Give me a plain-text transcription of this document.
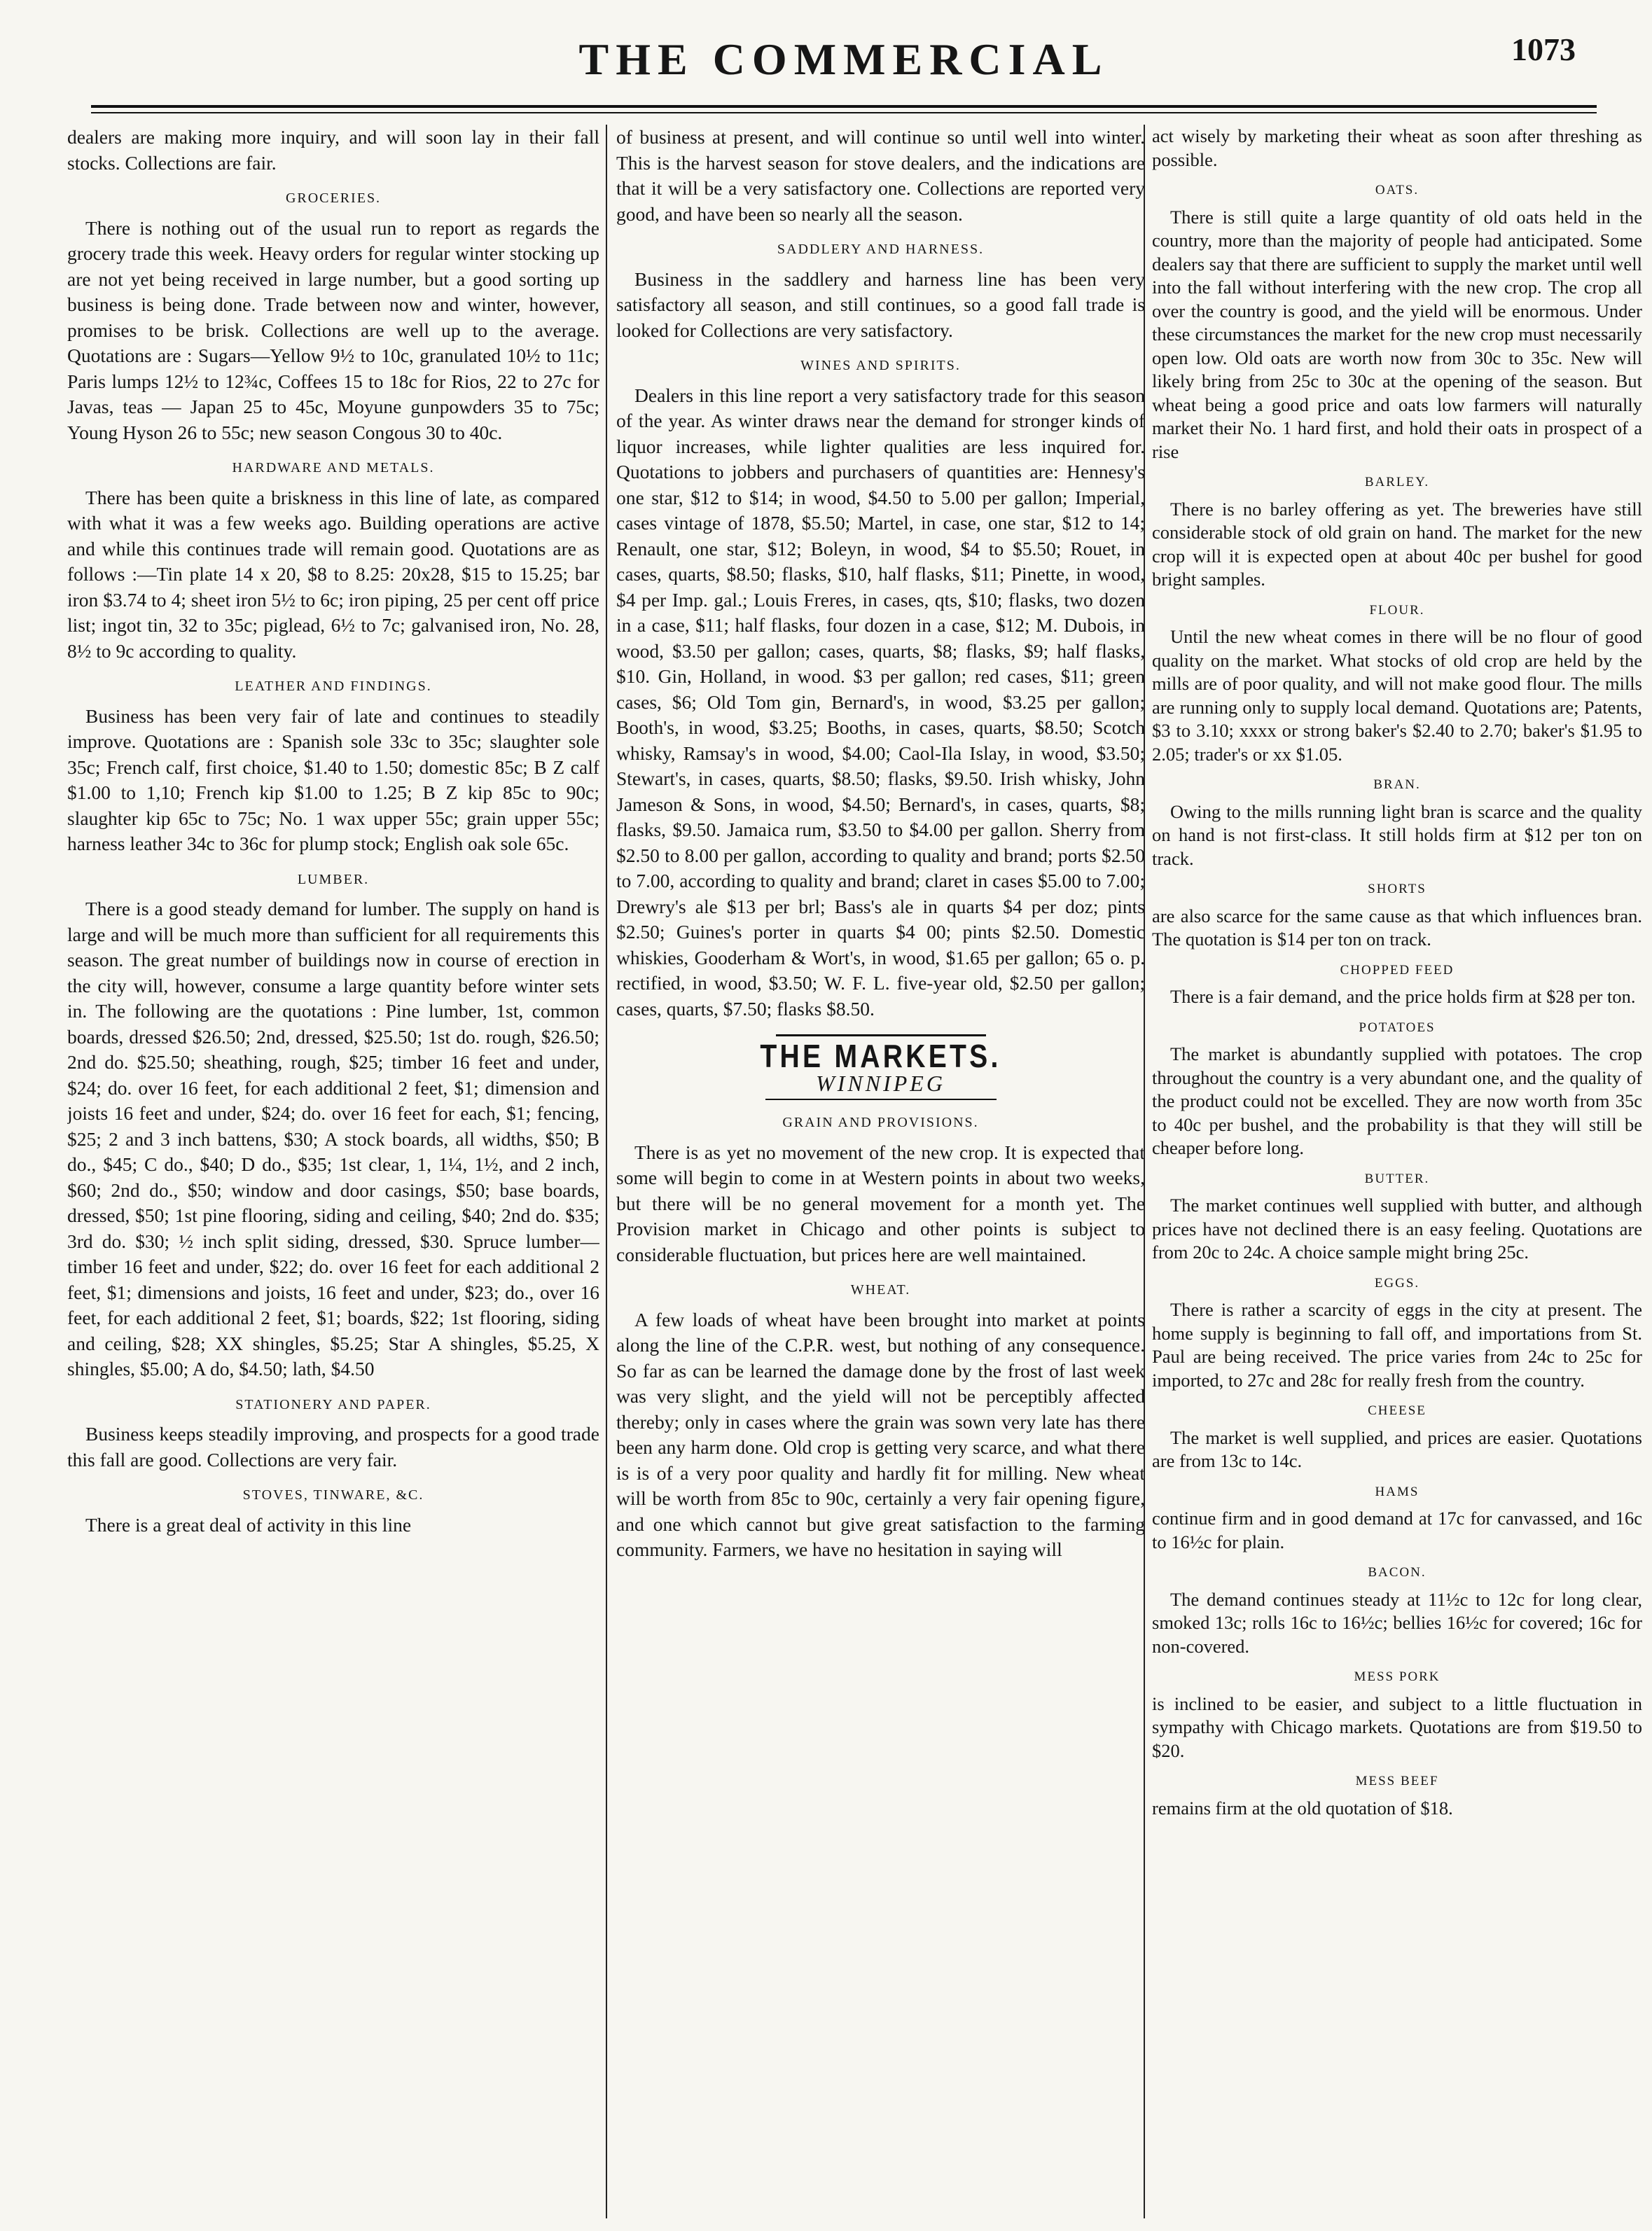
THE COMMERCIAL	1073

dealers are making more inquiry, and will soon lay in their fall stocks. Collections are fair.

GROCERIES.

There is nothing out of the usual run to report as regards the grocery trade this week. Heavy orders for regular winter stocking up are not yet being received in large number, but a good sorting up business is being done. Trade between now and winter, however, promises to be brisk. Collections are well up to the average. Quotations are : Sugars—Yellow 9½ to 10c, granulated 10½ to 11c; Paris lumps 12½ to 12¾c, Coffees 15 to 18c for Rios, 22 to 27c for Javas, teas — Japan 25 to 45c, Moyune gunpowders 35 to 75c; Young Hyson 26 to 55c; new season Congous 30 to 40c.

HARDWARE AND METALS.

There has been quite a briskness in this line of late, as compared with what it was a few weeks ago. Building operations are active and while this continues trade will remain good. Quotations are as follows :—Tin plate 14 x 20, $8 to 8.25: 20x28, $15 to 15.25; bar iron $3.74 to 4; sheet iron 5½ to 6c; iron piping, 25 per cent off price list; ingot tin, 32 to 35c; piglead, 6½ to 7c; galvanised iron, No. 28, 8½ to 9c according to quality.

LEATHER AND FINDINGS.

Business has been very fair of late and continues to steadily improve. Quotations are : Spanish sole 33c to 35c; slaughter sole 35c; French calf, first choice, $1.40 to 1.50; domestic 85c; B Z calf $1.00 to 1,10; French kip $1.00 to 1.25; B Z kip 85c to 90c; slaughter kip 65c to 75c; No. 1 wax upper 55c; grain upper 55c; harness leather 34c to 36c for plump stock; English oak sole 65c.

LUMBER.

There is a good steady demand for lumber. The supply on hand is large and will be much more than sufficient for all requirements this season. The great number of buildings now in course of erection in the city will, however, consume a large quantity before winter sets in. The following are the quotations : Pine lumber, 1st, common boards, dressed $26.50; 2nd, dressed, $25.50; 1st do. rough, $26.50; 2nd do. $25.50; sheathing, rough, $25; timber 16 feet and under, $24; do. over 16 feet, for each additional 2 feet, $1; dimension and joists 16 feet and under, $24; do. over 16 feet for each, $1; fencing, $25; 2 and 3 inch battens, $30; A stock boards, all widths, $50; B do., $45; C do., $40; D do., $35; 1st clear, 1, 1¼, 1½, and 2 inch, $60; 2nd do., $50; window and door casings, $50; base boards, dressed, $50; 1st pine flooring, siding and ceiling, $40; 2nd do. $35; 3rd do. $30; ½ inch split siding, dressed, $30. Spruce lumber—timber 16 feet and under, $22; do. over 16 feet for each additional 2 feet, $1; dimensions and joists, 16 feet and under, $23; do., over 16 feet, for each additional 2 feet, $1; boards, $22; 1st flooring, siding and ceiling, $28; XX shingles, $5.25; Star A shingles, $5.25, X shingles, $5.00; A do, $4.50; lath, $4.50

STATIONERY AND PAPER.

Business keeps steadily improving, and prospects for a good trade this fall are good. Collections are very fair.

STOVES, TINWARE, &C.

There is a great deal of activity in this line

of business at present, and will continue so until well into winter. This is the harvest season for stove dealers, and the indications are that it will be a very satisfactory one. Collections are reported very good, and have been so nearly all the season.

SADDLERY AND HARNESS.

Business in the saddlery and harness line has been very satisfactory all season, and still continues, so a good fall trade is looked for Collections are very satisfactory.

WINES AND SPIRITS.

Dealers in this line report a very satisfactory trade for this season of the year. As winter draws near the demand for stronger kinds of liquor increases, while lighter qualities are less inquired for. Quotations to jobbers and purchasers of quantities are: Hennesy's one star, $12 to $14; in wood, $4.50 to 5.00 per gallon; Imperial, cases vintage of 1878, $5.50; Martel, in case, one star, $12 to 14; Renault, one star, $12; Boleyn, in wood, $4 to $5.50; Rouet, in cases, quarts, $8.50; flasks, $10, half flasks, $11; Pinette, in wood, $4 per Imp. gal.; Louis Freres, in cases, qts, $10; flasks, two dozen in a case, $11; half flasks, four dozen in a case, $12; M. Dubois, in wood, $3.50 per gallon; cases, quarts, $8; flasks, $9; half flasks, $10. Gin, Holland, in wood. $3 per gallon; red cases, $11; green cases, $6; Old Tom gin, Bernard's, in wood, $3.25 per gallon; Booth's, in wood, $3.25; Booths, in cases, quarts, $8.50; Scotch whisky, Ramsay's in wood, $4.00; Caol-Ila Islay, in wood, $3.50; Stewart's, in cases, quarts, $8.50; flasks, $9.50. Irish whisky, John Jameson & Sons, in wood, $4.50; Bernard's, in cases, quarts, $8; flasks, $9.50. Jamaica rum, $3.50 to $4.00 per gallon. Sherry from $2.50 to 8.00 per gallon, according to quality and brand; ports $2.50 to 7.00, according to quality and brand; claret in cases $5.00 to 7.00; Drewry's ale $13 per brl; Bass's ale in quarts $4 per doz; pints $2.50; Guines's porter in quarts $4 00; pints $2.50. Domestic whiskies, Gooderham & Wort's, in wood, $1.65 per gallon; 65 o. p. rectified, in wood, $3.50; W. F. L. five-year old, $2.50 per gallon; cases, quarts, $7.50; flasks $8.50.

THE MARKETS.
WINNIPEG
GRAIN AND PROVISIONS.

There is as yet no movement of the new crop. It is expected that some will begin to come in at Western points in about two weeks, but there will be no general movement for a month yet. The Provision market in Chicago and other points is subject to considerable fluctuation, but prices here are well maintained.

WHEAT.

A few loads of wheat have been brought into market at points along the line of the C.P.R. west, but nothing of any consequence. So far as can be learned the damage done by the frost of last week was very slight, and the yield will not be perceptibly affected thereby; only in cases where the grain was sown very late has there been any harm done. Old crop is getting very scarce, and what there is is of a very poor quality and hardly fit for milling. New wheat will be worth from 85c to 90c, certainly a very fair opening figure, and one which cannot but give great satisfaction to the farming community. Farmers, we have no hesitation in saying will

act wisely by marketing their wheat as soon after threshing as possible.

OATS.

There is still quite a large quantity of old oats held in the country, more than the majority of people had anticipated. Some dealers say that there are sufficient to supply the market until well into the fall without interfering with the new crop. The crop all over the country is good, and the yield will be enormous. Under these circumstances the market for the new crop must necessarily open low. Old oats are worth now from 30c to 35c. New will likely bring from 25c to 30c at the opening of the season. But wheat being a good price and oats low farmers will naturally market their No. 1 hard first, and hold their oats in prospect of a rise

BARLEY.

There is no barley offering as yet. The breweries have still considerable stock of old grain on hand. The market for the new crop will it is expected open at about 40c per bushel for good bright samples.

FLOUR.

Until the new wheat comes in there will be no flour of good quality on the market. What stocks of old crop are held by the mills are of poor quality, and will not make good flour. The mills are running only to supply local demand. Quotations are; Patents, $3 to 3.10; xxxx or strong baker's $2.40 to 2.70; baker's $1.95 to 2.05; trader's or xx $1.05.

BRAN.

Owing to the mills running light bran is scarce and the quality on hand is not first-class. It still holds firm at $12 per ton on track.

SHORTS

are also scarce for the same cause as that which influences bran. The quotation is $14 per ton on track.

CHOPPED FEED

There is a fair demand, and the price holds firm at $28 per ton.

POTATOES

The market is abundantly supplied with potatoes. The crop throughout the country is a very abundant one, and the quality of the product could not be excelled. They are now worth from 35c to 40c per bushel, and the probability is that they will still be cheaper before long.

BUTTER.

The market continues well supplied with butter, and although prices have not declined there is an easy feeling. Quotations are from 20c to 24c. A choice sample might bring 25c.

EGGS.

There is rather a scarcity of eggs in the city at present. The home supply is beginning to fall off, and importations from St. Paul are being received. The price varies from 24c to 25c for imported, to 27c and 28c for really fresh from the country.

CHEESE

The market is well supplied, and prices are easier. Quotations are from 13c to 14c.

HAMS

continue firm and in good demand at 17c for canvassed, and 16c to 16½c for plain.

BACON.

The demand continues steady at 11½c to 12c for long clear, smoked 13c; rolls 16c to 16½c; bellies 16½c for covered; 16c for non-covered.

MESS PORK

is inclined to be easier, and subject to a little fluctuation in sympathy with Chicago markets. Quotations are from $19.50 to $20.

MESS BEEF

remains firm at the old quotation of $18.
